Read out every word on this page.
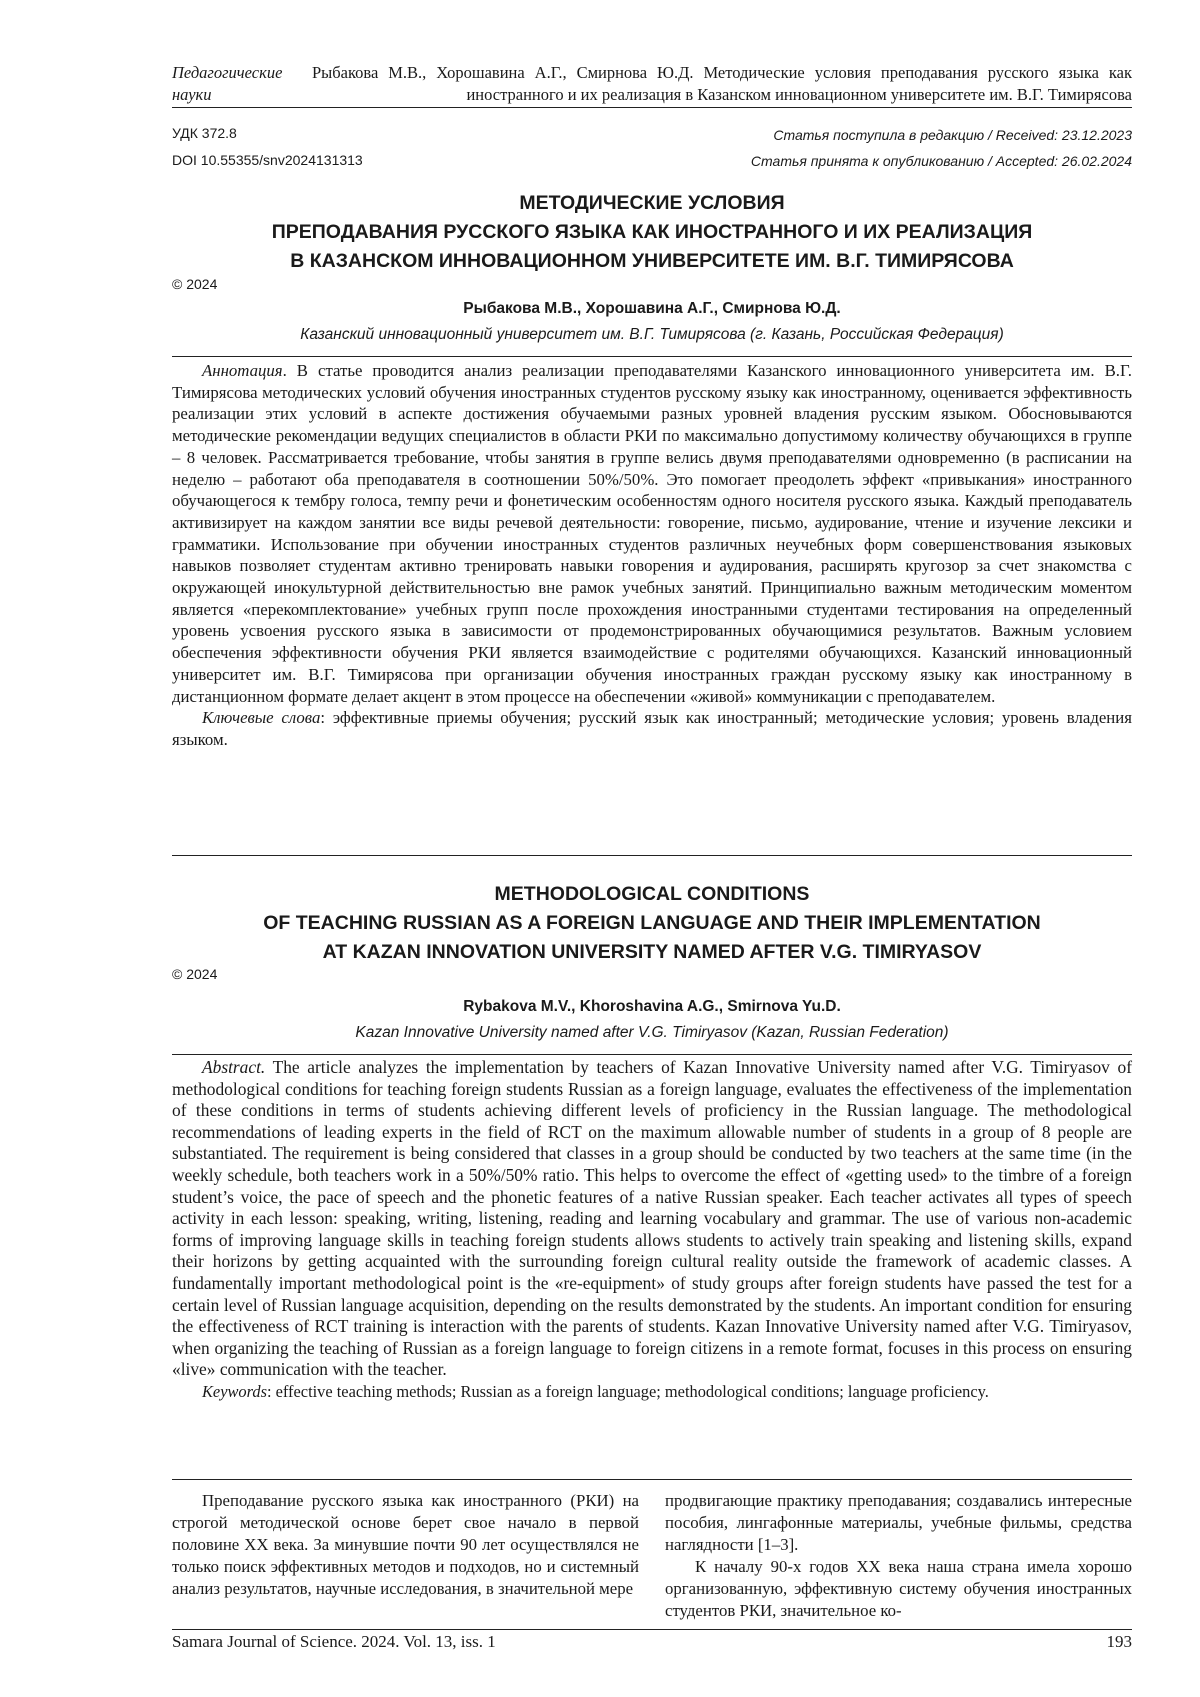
Педагогические науки
Рыбакова М.В., Хорошавина А.Г., Смирнова Ю.Д. Методические условия преподавания русского языка как иностранного и их реализация в Казанском инновационном университете им. В.Г. Тимирясова
УДК 372.8
DOI 10.55355/snv2024131313
Статья поступила в редакцию / Received: 23.12.2023
Статья принята к опубликованию / Accepted: 26.02.2024
МЕТОДИЧЕСКИЕ УСЛОВИЯ
ПРЕПОДАВАНИЯ РУССКОГО ЯЗЫКА КАК ИНОСТРАННОГО И ИХ РЕАЛИЗАЦИЯ
В КАЗАНСКОМ ИННОВАЦИОННОМ УНИВЕРСИТЕТЕ ИМ. В.Г. ТИМИРЯСОВА
© 2024
Рыбакова М.В., Хорошавина А.Г., Смирнова Ю.Д.
Казанский инновационный университет им. В.Г. Тимирясова (г. Казань, Российская Федерация)

Аннотация. В статье проводится анализ реализации преподавателями Казанского инновационного университета им. В.Г. Тимирясова методических условий обучения иностранных студентов русскому языку как иностранному, оценивается эффективность реализации этих условий в аспекте достижения обучаемыми разных уровней владения русским языком. Обосновываются методические рекомендации ведущих специалистов в области РКИ по максимально допустимому количеству обучающихся в группе – 8 человек. Рассматривается требование, чтобы занятия в группе велись двумя преподавателями одновременно (в расписании на неделю – работают оба преподавателя в соотношении 50%/50%. Это помогает преодолеть эффект «привыкания» иностранного обучающегося к тембру голоса, темпу речи и фонетическим особенностям одного носителя русского языка. Каждый преподаватель активизирует на каждом занятии все виды речевой деятельности: говорение, письмо, аудирование, чтение и изучение лексики и грамматики. Использование при обучении иностранных студентов различных неучебных форм совершенствования языковых навыков позволяет студентам активно тренировать навыки говорения и аудирования, расширять кругозор за счет знакомства с окружающей инокультурной действительностью вне рамок учебных занятий. Принципиально важным методическим моментом является «перекомплектование» учебных групп после прохождения иностранными студентами тестирования на определенный уровень усвоения русского языка в зависимости от продемонстрированных обучающимися результатов. Важным условием обеспечения эффективности обучения РКИ является взаимодействие с родителями обучающихся. Казанский инновационный университет им. В.Г. Тимирясова при организации обучения иностранных граждан русскому языку как иностранному в дистанционном формате делает акцент в этом процессе на обеспечении «живой» коммуникации с преподавателем.

Ключевые слова: эффективные приемы обучения; русский язык как иностранный; методические условия; уровень владения языком.

METHODOLOGICAL CONDITIONS
OF TEACHING RUSSIAN AS A FOREIGN LANGUAGE AND THEIR IMPLEMENTATION
AT KAZAN INNOVATION UNIVERSITY NAMED AFTER V.G. TIMIRYASOV
© 2024
Rybakova M.V., Khoroshavina A.G., Smirnova Yu.D.
Kazan Innovative University named after V.G. Timiryasov (Kazan, Russian Federation)

Abstract. The article analyzes the implementation by teachers of Kazan Innovative University named after V.G. Timiryasov of methodological conditions for teaching foreign students Russian as a foreign language, evaluates the effectiveness of the implementation of these conditions in terms of students achieving different levels of proficiency in the Russian language. The methodological recommendations of leading experts in the field of RCT on the maximum allowable number of students in a group of 8 people are substantiated. The requirement is being considered that classes in a group should be conducted by two teachers at the same time (in the weekly schedule, both teachers work in a 50%/50% ratio. This helps to overcome the effect of «getting used» to the timbre of a foreign student’s voice, the pace of speech and the phonetic features of a native Russian speaker. Each teacher activates all types of speech activity in each lesson: speaking, writing, listening, reading and learning vocabulary and grammar. The use of various non-academic forms of improving language skills in teaching foreign students allows students to actively train speaking and listening skills, expand their horizons by getting acquainted with the surrounding foreign cultural reality outside the framework of academic classes. A fundamentally important methodological point is the «re-equipment» of study groups after foreign students have passed the test for a certain level of Russian language acquisition, depending on the results demonstrated by the students. An important condition for ensuring the effectiveness of RCT training is interaction with the parents of students. Kazan Innovative University named after V.G. Timiryasov, when organizing the teaching of Russian as a foreign language to foreign citizens in a remote format, focuses in this process on ensuring «live» communication with the teacher.

Keywords: effective teaching methods; Russian as a foreign language; methodological conditions; language proficiency.

Преподавание русского языка как иностранного (РКИ) на строгой методической основе берет свое начало в первой половине XX века. За минувшие почти 90 лет осуществлялся не только поиск эффективных методов и подходов, но и системный анализ результатов, научные исследования, в значительной мере

продвигающие практику преподавания; создавались интересные пособия, лингафонные материалы, учебные фильмы, средства наглядности [1–3].

К началу 90-х годов XX века наша страна имела хорошо организованную, эффективную систему обучения иностранных студентов РКИ, значительное ко-

Samara Journal of Science. 2024. Vol. 13, iss. 1	193
